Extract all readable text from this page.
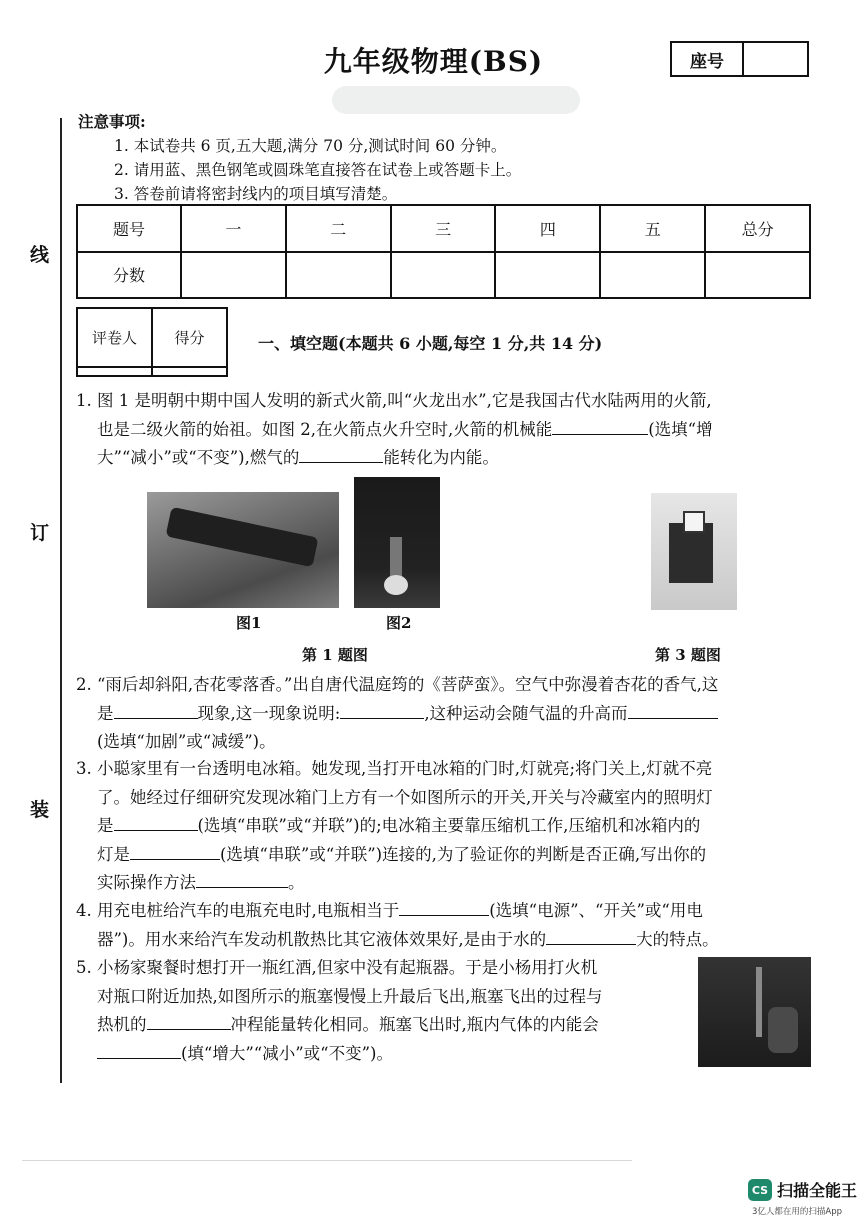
九年级物理(BS)	座号
线
订
装
注意事项:
1. 本试卷共 6 页,五大题,满分 70 分,测试时间 60 分钟。
2. 请用蓝、黑色钢笔或圆珠笔直接答在试卷上或答题卡上。
3. 答卷前请将密封线内的项目填写清楚。
题号	一	二	三	四	五	总分
分数						
评卷人	得分
		一、填空题(本题共 6 小题,每空 1 分,共 14 分)
1. 图 1 是明朝中期中国人发明的新式火箭,叫“火龙出水”,它是我国古代水陆两用的火箭,
也是二级火箭的始祖。如图 2,在火箭点火升空时,火箭的机械能	(选填“增
大”“减小”或“不变”),燃气的	能转化为内能。
图1	图2
第 1 题图	第 3 题图
2. “雨后却斜阳,杏花零落香。”出自唐代温庭筠的《菩萨蛮》。空气中弥漫着杏花的香气,这
是	现象,这一现象说明:	,这种运动会随气温的升高而
(选填“加剧”或“减缓”)。
3. 小聪家里有一台透明电冰箱。她发现,当打开电冰箱的门时,灯就亮;将门关上,灯就不亮
了。她经过仔细研究发现冰箱门上方有一个如图所示的开关,开关与冷藏室内的照明灯
是	(选填“串联”或“并联”)的;电冰箱主要靠压缩机工作,压缩机和冰箱内的
灯是	(选填“串联”或“并联”)连接的,为了验证你的判断是否正确,写出你的
实际操作方法	。
4. 用充电桩给汽车的电瓶充电时,电瓶相当于	(选填“电源”、“开关”或“用电
器”)。用水来给汽车发动机散热比其它液体效果好,是由于水的	大的特点。
5. 小杨家聚餐时想打开一瓶红酒,但家中没有起瓶器。于是小杨用打火机
对瓶口附近加热,如图所示的瓶塞慢慢上升最后飞出,瓶塞飞出的过程与
热机的	冲程能量转化相同。瓶塞飞出时,瓶内气体的内能会
(填“增大”“减小”或“不变”)。
CS 扫描全能王
3亿人都在用的扫描App
